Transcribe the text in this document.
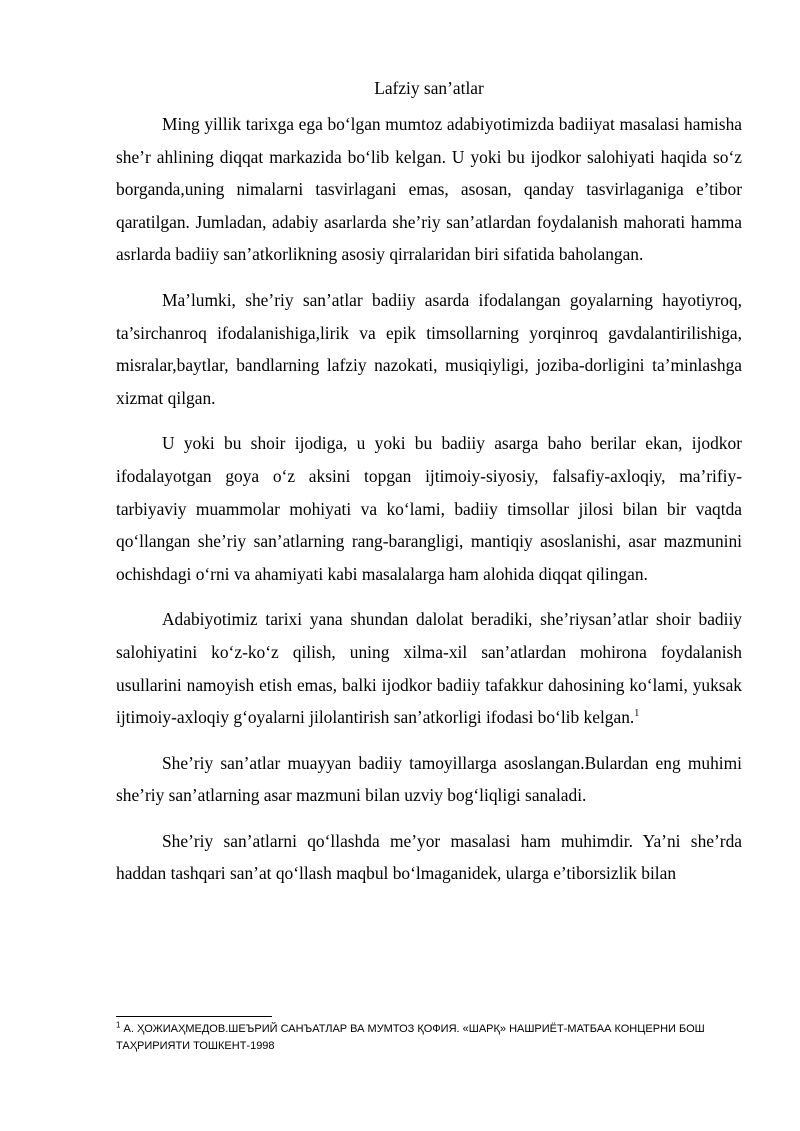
Lafziy san’atlar

Ming yillik tarixga ega bo‘lgan mumtoz adabiyotimizda badiiyat masalasi hamisha she’r ahlining diqqat markazida bo‘lib kelgan. U yoki bu ijodkor salohiyati haqida so‘z borganda,uning nimalarni tasvirlagani emas, asosan, qanday tasvirlaganiga e’tibor qaratilgan. Jumladan, adabiy asarlarda she’riy san’atlardan foydalanish mahorati hamma asrlarda badiiy san’atkorlikning asosiy qirralaridan biri sifatida baholangan.

Ma’lumki, she’riy san’atlar badiiy asarda ifodalangan goyalarning hayotiyroq, ta’sirchanroq ifodalanishiga,lirik va epik timsollarning yorqinroq gavdalantirilishiga, misralar,baytlar, bandlarning lafziy nazokati, musiqiyligi, joziba-dorligini ta’minlashga xizmat qilgan.

U yoki bu shoir ijodiga, u yoki bu badiiy asarga baho berilar ekan, ijodkor ifodalayotgan goya o‘z aksini topgan ijtimoiy-siyosiy, falsafiy-axloqiy, ma’rifiy-tarbiyaviy muammolar mohiyati va ko‘lami, badiiy timsollar jilosi bilan bir vaqtda qo‘llangan she’riy san’atlarning rang-barangligi, mantiqiy asoslanishi, asar mazmunini ochishdagi o‘rni va ahamiyati kabi masalalarga ham alohida diqqat qilingan.

Adabiyotimiz tarixi yana shundan dalolat beradiki, she’riysan’atlar shoir badiiy salohiyatini ko‘z-ko‘z qilish, uning xilma-xil san’atlardan mohirona foydalanish usullarini namoyish etish emas, balki ijodkor badiiy tafakkur dahosining ko‘lami, yuksak ijtimoiy-axloqiy g‘oyalarni jilolantirish san’atkorligi ifodasi bo‘lib kelgan.$^1$

She’riy san’atlar muayyan badiiy tamoyillarga asoslangan.Bulardan eng muhimi she’riy san’atlarning asar mazmuni bilan uzviy bog‘liqligi sanaladi.

She’riy san’atlarni qo‘llashda me’yor masalasi ham muhimdir. Ya’ni she’rda haddan tashqari san’at qo‘llash maqbul bo‘lmaganidek, ularga e’tiborsizlik bilan

$^1$ А. ҲОЖИАҲМЕДОВ.ШЕЪРИЙ САНЪАТЛАР ВА МУМТОЗ ҚОФИЯ. «ШАРҚ» НАШРИЁТ-МАТБАА КОНЦЕРНИ БОШ ТАҲРИРИЯТИ ТОШКЕНТ-1998
